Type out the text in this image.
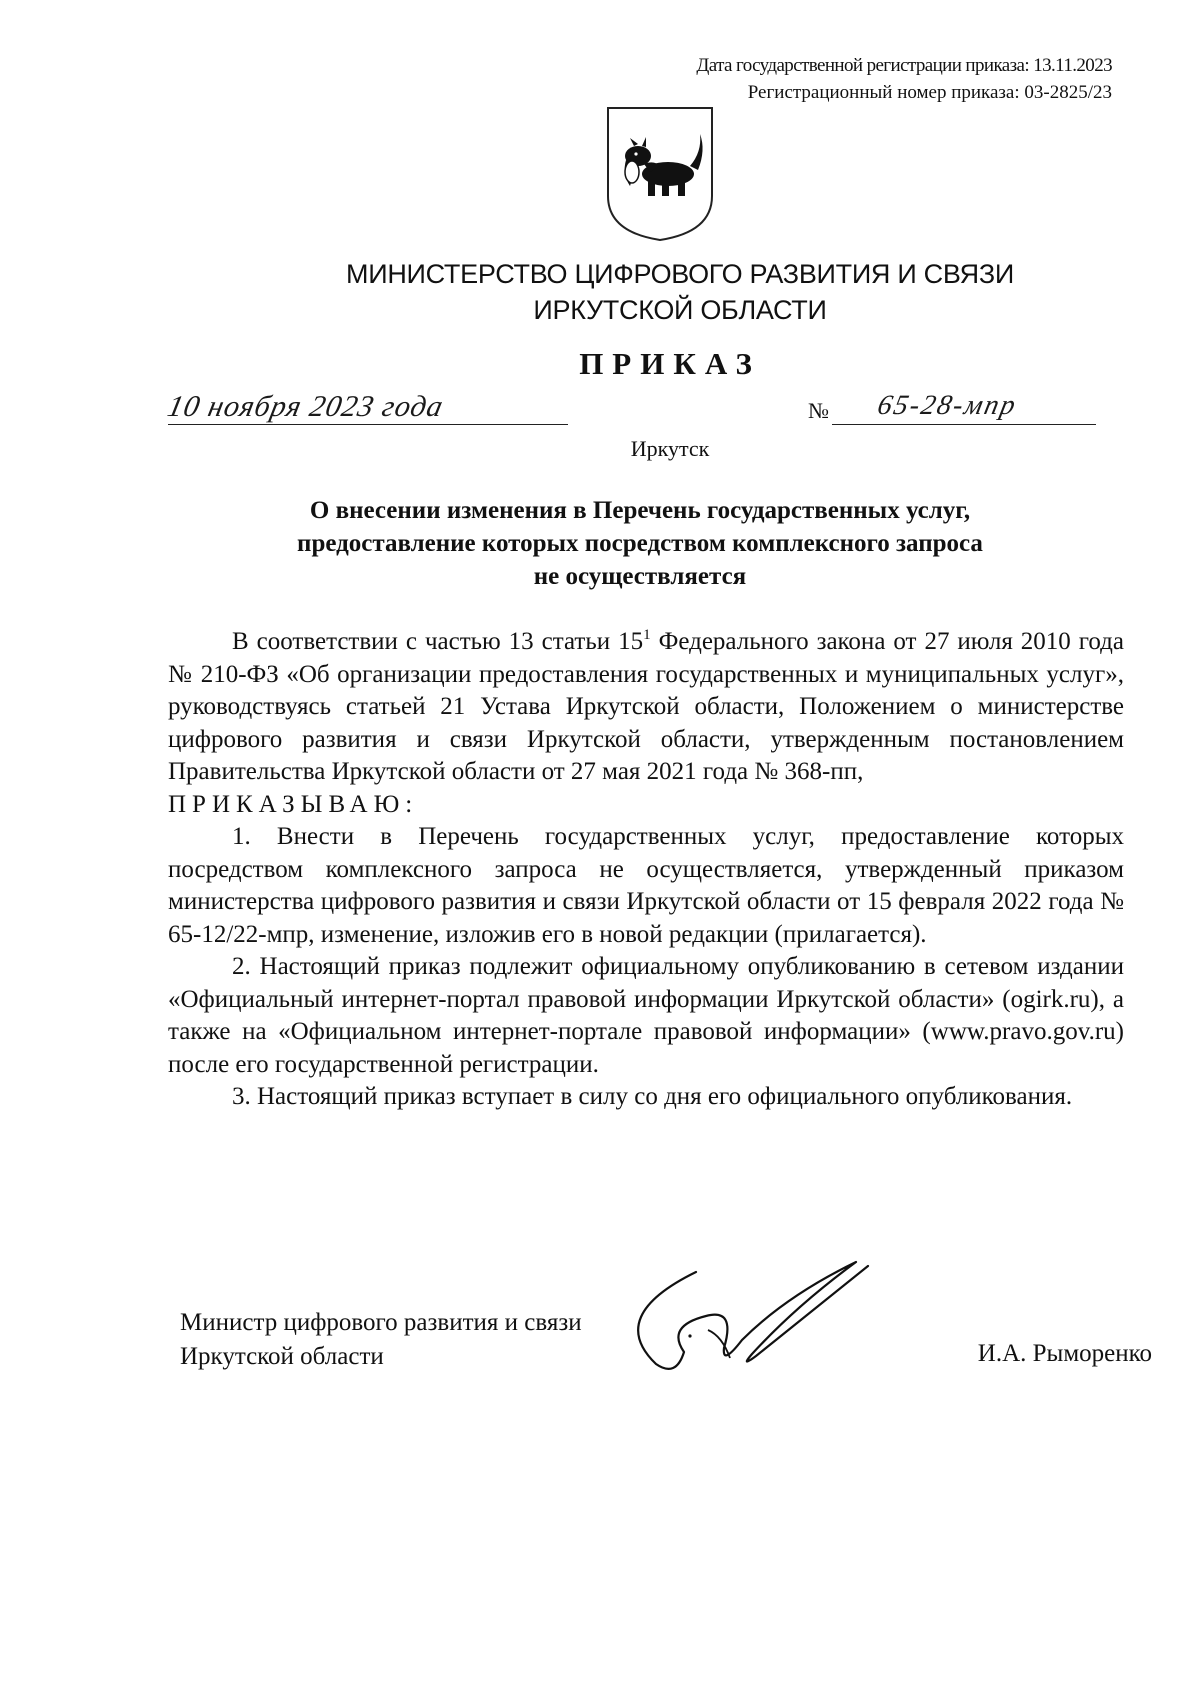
Дата государственной регистрации приказа: 13.11.2023
Регистрационный номер приказа: 03-2825/23
МИНИСТЕРСТВО ЦИФРОВОГО РАЗВИТИЯ И СВЯЗИ
ИРКУТСКОЙ ОБЛАСТИ
ПРИКАЗ
10 ноября 2023 года	№ 65-28-мпр
Иркутск
О внесении изменения в Перечень государственных услуг,
предоставление которых посредством комплексного запроса
не осуществляется

В соответствии с частью 13 статьи $15^1$ Федерального закона от 27 июля 2010 года № 210-ФЗ «Об организации предоставления государственных и муниципальных услуг», руководствуясь статьей 21 Устава Иркутской области, Положением о министерстве цифрового развития и связи Иркутской области, утвержденным постановлением Правительства Иркутской области от 27 мая 2021 года № 368-пп,

ПРИКАЗЫВАЮ:

1. Внести в Перечень государственных услуг, предоставление которых посредством комплексного запроса не осуществляется, утвержденный приказом министерства цифрового развития и связи Иркутской области от 15 февраля 2022 года № 65-12/22-мпр, изменение, изложив его в новой редакции (прилагается).

2. Настоящий приказ подлежит официальному опубликованию в сетевом издании «Официальный интернет-портал правовой информации Иркутской области» (ogirk.ru), а также на «Официальном интернет-портале правовой информации» (www.pravo.gov.ru) после его государственной регистрации.

3. Настоящий приказ вступает в силу со дня его официального опубликования.

Министр цифрового развития и связи
Иркутской области	И.А. Рыморенко
